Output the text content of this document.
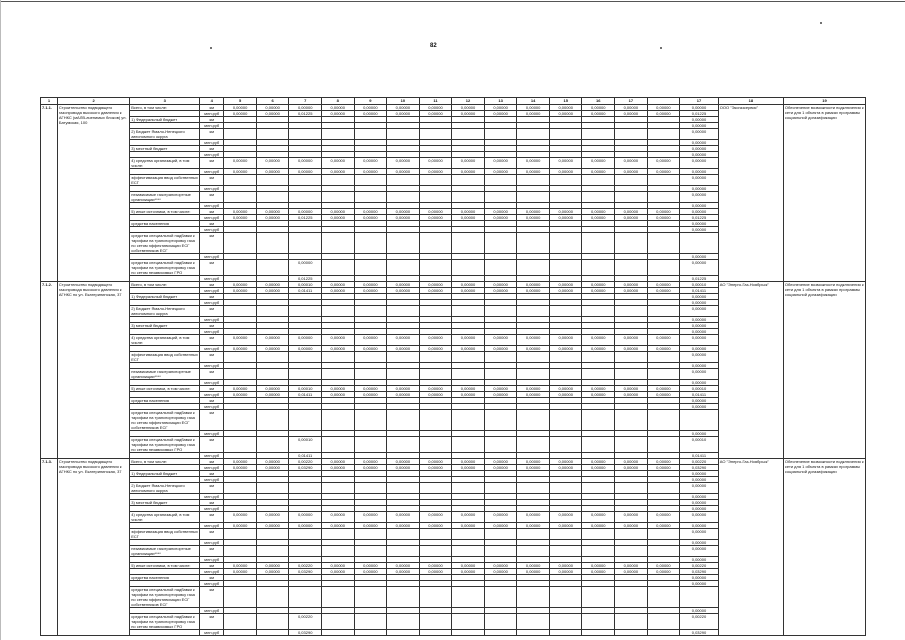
82
1	2	3	4	5	6	7	8	9	10	11	12	13	14	15	16	17		17	18	19
7.1.1.	Строительство подводящего газопровода высокого давления к АГНКС (мАЛВ-аченимых блоков) ул. Батумская, 100	Всего, в том числе:	км	0,00000	0,00000	0,00000	0,00000	0,00000	0,00000	0,00000	0,00000	0,00000	0,00000	0,00000	0,00000	0,00000	0,00000	0,00000	ООО "Экогазсервис"	Обеспечение возможности подключения к сети для 1 объекта в рамках программы социальной догазификации
			млн.руб	0,00000	0,00000	0,01225	0,00000	0,00000	0,00000	0,00000	0,00000	0,00000	0,00000	0,00000	0,00000	0,00000	0,00000	0,01225		
		1) Федеральный бюджет	км															0,00000		
			млн.руб															0,00000		
		2) Бюджет Ямало-Ненецкого автономного округа	км															0,00000		
			млн.руб															0,00000		
		3) местный бюджет	км															0,00000		
			млн.руб															0,00000		
		4) средства организаций, в том числе:	км	0,00000	0,00000	0,00000	0,00000	0,00000	0,00000	0,00000	0,00000	0,00000	0,00000	0,00000	0,00000	0,00000	0,00000	0,00000		
			млн.руб	0,00000	0,00000	0,00000	0,00000	0,00000	0,00000	0,00000	0,00000	0,00000	0,00000	0,00000	0,00000	0,00000	0,00000	0,00000		
		эффективизация ввод собственных ЕСГ	км															0,00000		
			млн.руб															0,00000		
		независимые газотранспортные организации****	км															0,00000		
			млн.руб															0,00000		
		5) иные источники, в том числе:	км	0,00000	0,00000	0,00000	0,00000	0,00000	0,00000	0,00000	0,00000	0,00000	0,00000	0,00000	0,00000	0,00000	0,00000	0,00000		
			млн.руб	0,00000	0,00000	0,01225	0,00000	0,00000	0,00000	0,00000	0,00000	0,00000	0,00000	0,00000	0,00000	0,00000	0,00000	0,01225		
		средства населения	км															0,00000		
			млн.руб															0,00000		
		средства специальной надбавки к тарифам на транспортировку газа по сетям эффективизации ЕСГ собственников ЕСГ	км																	
			млн.руб															0,00000		
		средства специальной надбавки к тарифам на транспортировку газа по сетям независимых ГРО	км			0,00000												0,00000		
			млн.руб			0,01225												0,01225		
7.1.2.	Строительство подводящего газопровода высокого давления к АГНКС по ул. Екатерининская, 37	Всего, в том числе:	км	0,00000	0,00000	0,00010	0,00000	0,00000	0,00000	0,00000	0,00000	0,00000	0,00000	0,00000	0,00000	0,00000	0,00000	0,00010	АО "Энерго-Газ-Ноябрьск"	Обеспечение возможности подключения к сети для 1 объекта в рамках программы социальной догазификации
			млн.руб	0,00000	0,00000	0,01411	0,00000	0,00000	0,00000	0,00000	0,00000	0,00000	0,00000	0,00000	0,00000	0,00000	0,00000	0,01411		
		1) Федеральный бюджет	км															0,00000		
			млн.руб															0,00000		
		2) Бюджет Ямало-Ненецкого автономного округа	км															0,00000		
			млн.руб															0,00000		
		3) местный бюджет	км															0,00000		
			млн.руб															0,00000		
		4) средства организаций, в том числе:	км	0,00000	0,00000	0,00000	0,00000	0,00000	0,00000	0,00000	0,00000	0,00000	0,00000	0,00000	0,00000	0,00000	0,00000	0,00000		
			млн.руб	0,00000	0,00000	0,00000	0,00000	0,00000	0,00000	0,00000	0,00000	0,00000	0,00000	0,00000	0,00000	0,00000	0,00000	0,00000		
		эффективизация ввод собственных ЕСГ	км															0,00000		
			млн.руб															0,00000		
		независимые газотранспортные организации****	км															0,00000		
			млн.руб															0,00000		
		5) иные источники, в том числе:	км	0,00000	0,00000	0,00010	0,00000	0,00000	0,00000	0,00000	0,00000	0,00000	0,00000	0,00000	0,00000	0,00000	0,00000	0,00010		
			млн.руб	0,00000	0,00000	0,01411	0,00000	0,00000	0,00000	0,00000	0,00000	0,00000	0,00000	0,00000	0,00000	0,00000	0,00000	0,01411		
		средства населения	км															0,00000		
			млн.руб															0,00000		
		средства специальной надбавки к тарифам на транспортировку газа по сетям эффективизации ЕСГ собственников ЕСГ	км																	
			млн.руб															0,00000		
		средства специальной надбавки к тарифам на транспортировку газа по сетям независимых ГРО	км			0,00010												0,00010		
			млн.руб			0,01411												0,01411		
7.1.3.	Строительство подводящего газопровода высокого давления к АГНКС по ул. Екатерининская, 37	Всего, в том числе:	км	0,00000	0,00000	0,00220	0,00000	0,00000	0,00000	0,00000	0,00000	0,00000	0,00000	0,00000	0,00000	0,00000	0,00000	0,00220	АО "Энерго-Газ-Ноябрьск"	Обеспечение возможности подключения к сети для 1 объекта в рамках программы социальной догазификации
			млн.руб	0,00000	0,00000	0,03290	0,00000	0,00000	0,00000	0,00000	0,00000	0,00000	0,00000	0,00000	0,00000	0,00000	0,00000	0,03290		
		1) Федеральный бюджет	км															0,00000		
			млн.руб															0,00000		
		2) Бюджет Ямало-Ненецкого автономного округа	км															0,00000		
			млн.руб															0,00000		
		3) местный бюджет	км															0,00000		
			млн.руб															0,00000		
		4) средства организаций, в том числе:	км	0,00000	0,00000	0,00000	0,00000	0,00000	0,00000	0,00000	0,00000	0,00000	0,00000	0,00000	0,00000	0,00000	0,00000	0,00000		
			млн.руб	0,00000	0,00000	0,00000	0,00000	0,00000	0,00000	0,00000	0,00000	0,00000	0,00000	0,00000	0,00000	0,00000	0,00000	0,00000		
		эффективизация ввод собственных ЕСГ	км															0,00000		
			млн.руб															0,00000		
		независимые газотранспортные организации****	км															0,00000		
			млн.руб															0,00000		
		5) иные источники, в том числе:	км	0,00000	0,00000	0,00220	0,00000	0,00000	0,00000	0,00000	0,00000	0,00000	0,00000	0,00000	0,00000	0,00000	0,00000	0,00220		
			млн.руб	0,00000	0,00000	0,03290	0,00000	0,00000	0,00000	0,00000	0,00000	0,00000	0,00000	0,00000	0,00000	0,00000	0,00000	0,03290		
		средства населения	км															0,00000		
			млн.руб															0,00000		
		средства специальной надбавки к тарифам на транспортировку газа по сетям эффективизации ЕСГ собственников ЕСГ	км																	
			млн.руб															0,00000		
		средства специальной надбавки к тарифам на транспортировку газа по сетям независимых ГРО	км			0,00220												0,00220		
			млн.руб			0,03290												0,03290		
